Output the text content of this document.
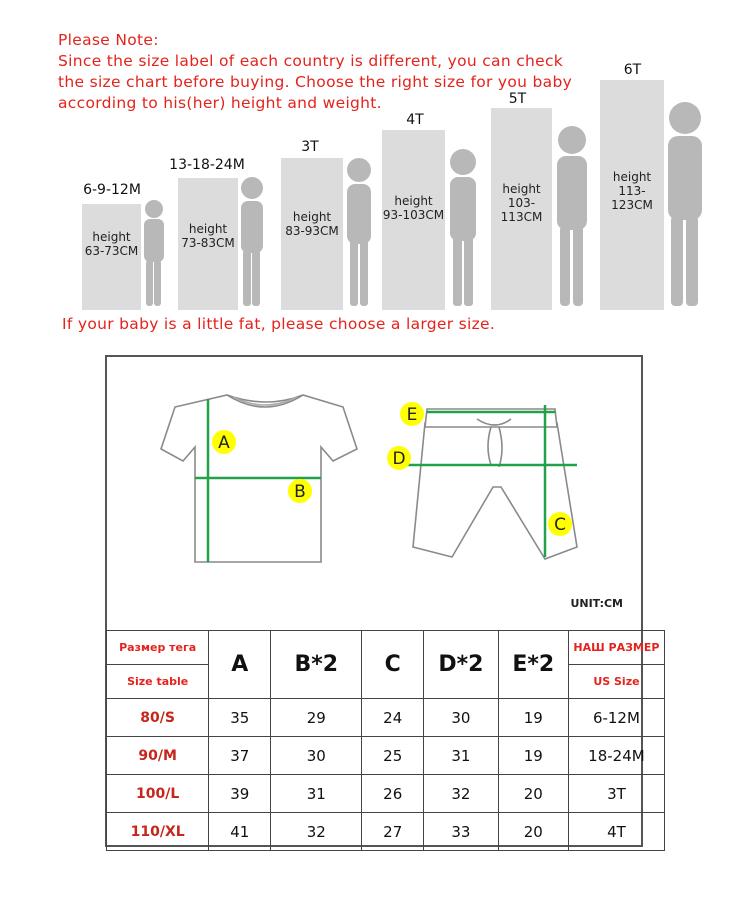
Please Note:
Since the size label of each country is different, you can check
the size chart before buying. Choose the right size for you baby
according to his(her) height and weight.
6-9-12M
height
63-73CM
13-18-24M
height
73-83CM
3T
height
83-93CM
4T
height
93-103CM
5T
height
103-113CM
6T
height
113-123CM
If your baby is a little fat, please choose a larger size.
A
B
C
D
E
UNIT:CM
Размер тега	A	B*2	C	D*2	E*2	НАШ РАЗМЕР
Size table						US Size
80/S	35	29	24	30	19	6-12M
90/M	37	30	25	31	19	18-24M
100/L	39	31	26	32	20	3T
110/XL	41	32	27	33	20	4T
